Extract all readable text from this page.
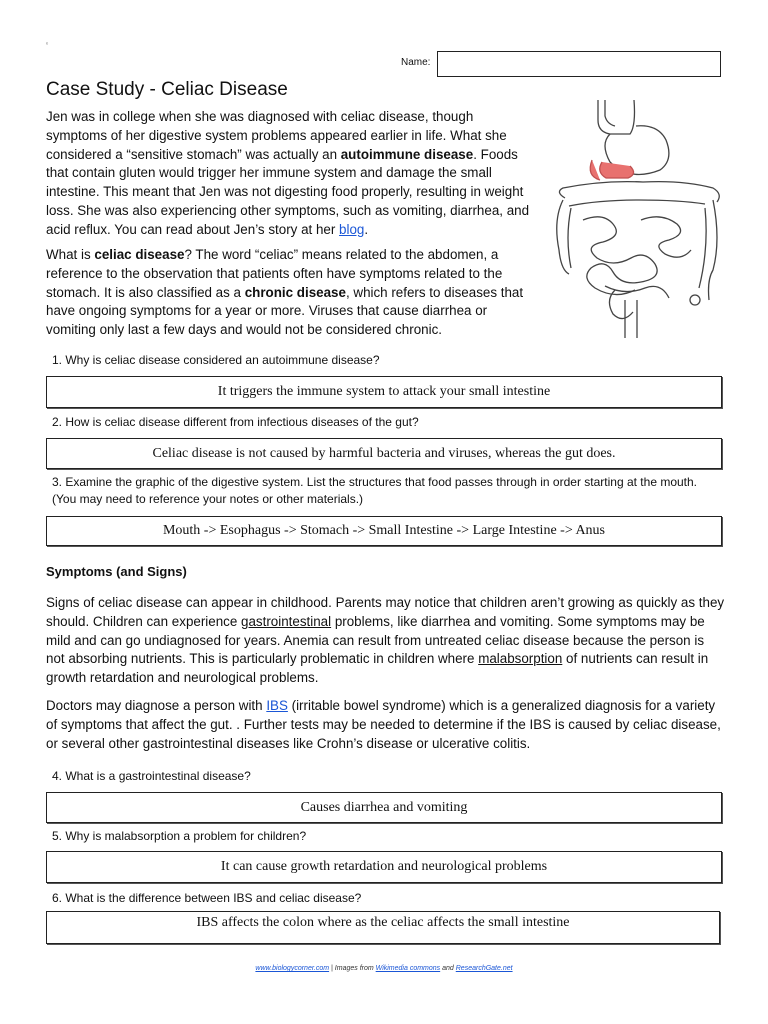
ᵉ
Name:
Case Study - Celiac Disease

Jen was in college when she was diagnosed with celiac disease, though symptoms of her digestive system problems appeared earlier in life. What she considered a “sensitive stomach” was actually an autoimmune disease. Foods that contain gluten would trigger her immune system and damage the small intestine. This meant that Jen was not digesting food properly, resulting in weight loss. She was also experiencing other symptoms, such as vomiting, diarrhea, and acid reflux. You can read about Jen’s story at her blog.

What is celiac disease? The word “celiac” means related to the abdomen, a reference to the observation that patients often have symptoms related to the stomach. It is also classified as a chronic disease, which refers to diseases that have ongoing symptoms for a year or more. Viruses that cause diarrhea or vomiting only last a few days and would not be considered chronic.

1. Why is celiac disease considered an autoimmune disease?
It triggers the immune system to attack your small intestine
2. How is celiac disease different from infectious diseases of the gut?
Celiac disease is not caused by harmful bacteria and viruses, whereas the gut does.
3. Examine the graphic of the digestive system. List the structures that food passes through in order starting at the mouth. (You may need to reference your notes or other materials.)
Mouth -> Esophagus -> Stomach -> Small Intestine -> Large Intestine -> Anus
Symptoms (and Signs)

Signs of celiac disease can appear in childhood. Parents may notice that children aren’t growing as quickly as they should. Children can experience gastrointestinal problems, like diarrhea and vomiting. Some symptoms may be mild and can go undiagnosed for years. Anemia can result from untreated celiac disease because the person is not absorbing nutrients. This is particularly problematic in children where malabsorption of nutrients can result in growth retardation and neurological problems.

Doctors may diagnose a person with IBS (irritable bowel syndrome) which is a generalized diagnosis for a variety of symptoms that affect the gut. . Further tests may be needed to determine if the IBS is caused by celiac disease, or several other gastrointestinal diseases like Crohn’s disease or ulcerative colitis.

4. What is a gastrointestinal disease?
Causes diarrhea and vomiting
5. Why is malabsorption a problem for children?
It can cause growth retardation and neurological problems
6. What is the difference between IBS and celiac disease?
IBS affects the colon where as the celiac affects the small intestine
www.biologycorner.com | Images from Wikimedia commons and ResearchGate.net
